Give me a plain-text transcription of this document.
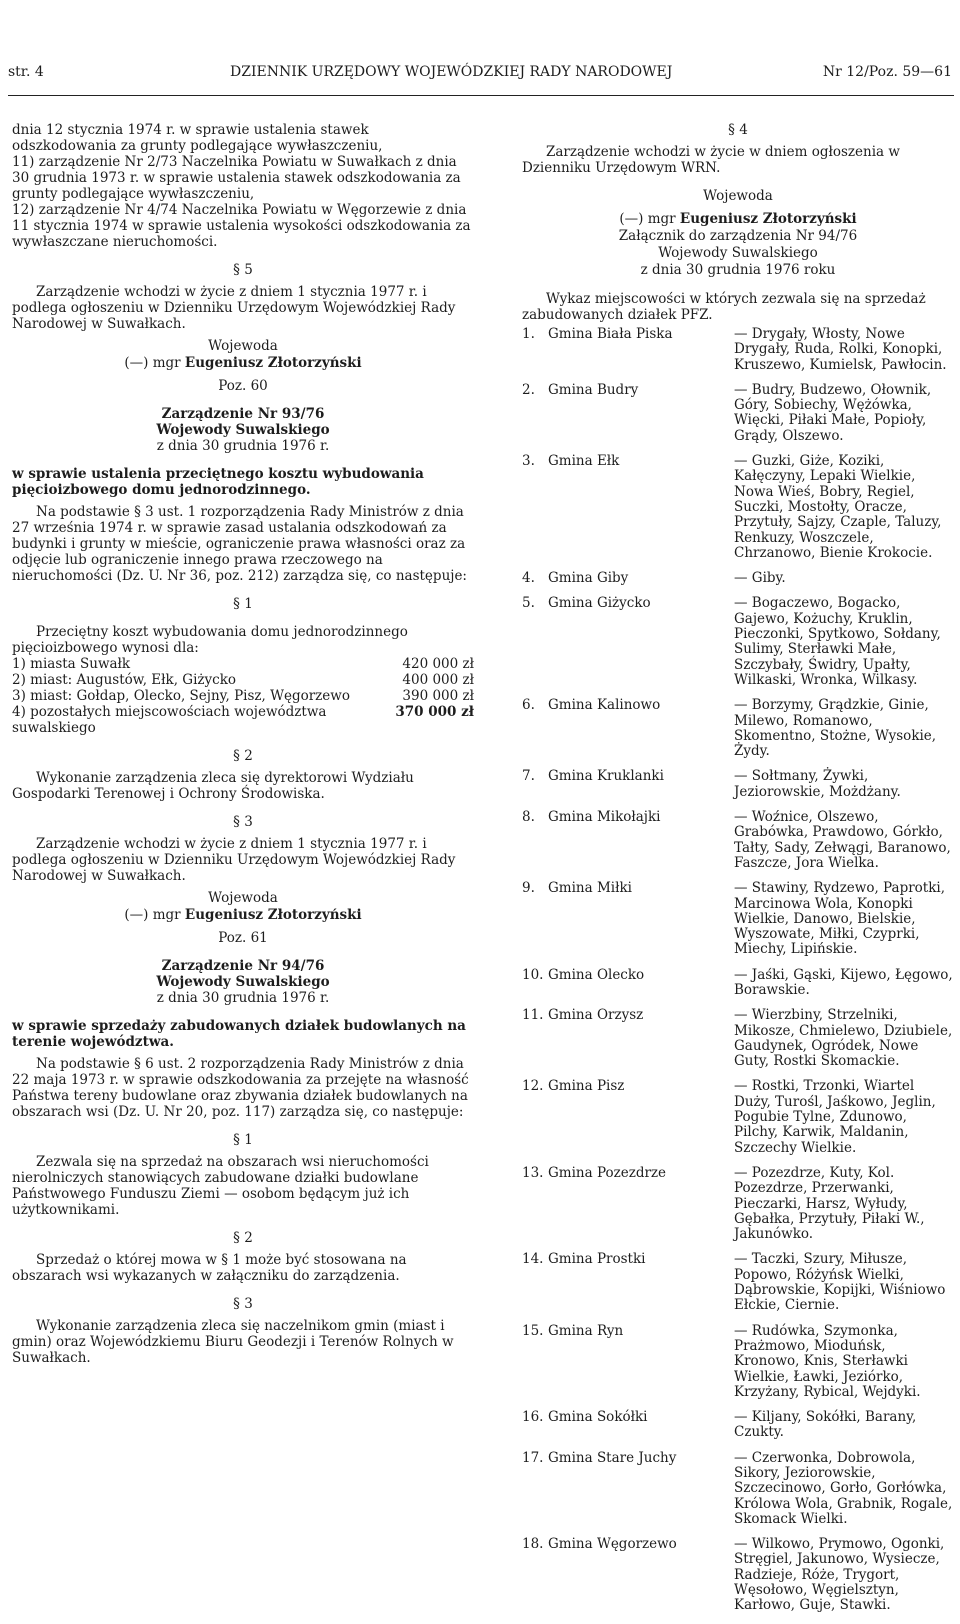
str. 4	DZIENNIK URZĘDOWY WOJEWÓDZKIEJ RADY NARODOWEJ	Nr 12/Poz. 59—61

dnia 12 stycznia 1974 r. w sprawie ustalenia stawek odszkodowania za grunty podlegające wywłaszczeniu,
11) zarządzenie Nr 2/73 Naczelnika Powiatu w Suwałkach z dnia 30 grudnia 1973 r. w sprawie ustalenia stawek odszkodowania za grunty podlegające wywłaszczeniu,
12) zarządzenie Nr 4/74 Naczelnika Powiatu w Węgorzewie z dnia 11 stycznia 1974 w sprawie ustalenia wysokości odszkodowania za wywłaszczane nieruchomości.

§ 5

Zarządzenie wchodzi w życie z dniem 1 stycznia 1977 r. i podlega ogłoszeniu w Dzienniku Urzędowym Wojewódzkiej Rady Narodowej w Suwałkach.

Wojewoda

(—) mgr Eugeniusz Złotorzyński

Poz. 60

Zarządzenie Nr 93/76

Wojewody Suwalskiego

z dnia 30 grudnia 1976 r.

w sprawie ustalenia przeciętnego kosztu wybudowania pięcioizbowego domu jednorodzinnego.

Na podstawie § 3 ust. 1 rozporządzenia Rady Ministrów z dnia 27 września 1974 r. w sprawie zasad ustalania odszkodowań za budynki i grunty w mieście, ograniczenie prawa własności oraz za odjęcie lub ograniczenie innego prawa rzeczowego na nieruchomości (Dz. U. Nr 36, poz. 212) zarządza się, co następuje:

§ 1

Przeciętny koszt wybudowania domu jednorodzinnego pięcioizbowego wynosi dla:

1) miasta Suwałk	420 000 zł
2) miast: Augustów, Ełk, Giżycko	400 000 zł
3) miast: Gołdap, Olecko, Sejny, Pisz, Węgorzewo	390 000 zł
4) pozostałych miejscowościach województwa suwalskiego	370 000 zł

§ 2

Wykonanie zarządzenia zleca się dyrektorowi Wydziału Gospodarki Terenowej i Ochrony Środowiska.

§ 3

Zarządzenie wchodzi w życie z dniem 1 stycznia 1977 r. i podlega ogłoszeniu w Dzienniku Urzędowym Wojewódzkiej Rady Narodowej w Suwałkach.

Wojewoda

(—) mgr Eugeniusz Złotorzyński

Poz. 61

Zarządzenie Nr 94/76

Wojewody Suwalskiego

z dnia 30 grudnia 1976 r.

w sprawie sprzedaży zabudowanych działek budowlanych na terenie województwa.

Na podstawie § 6 ust. 2 rozporządzenia Rady Ministrów z dnia 22 maja 1973 r. w sprawie odszkodowania za przejęte na własność Państwa tereny budowlane oraz zbywania działek budowlanych na obszarach wsi (Dz. U. Nr 20, poz. 117) zarządza się, co następuje:

§ 1

Zezwala się na sprzedaż na obszarach wsi nieruchomości nierolniczych stanowiących zabudowane działki budowlane Państwowego Funduszu Ziemi — osobom będącym już ich użytkownikami.

§ 2

Sprzedaż o której mowa w § 1 może być stosowana na obszarach wsi wykazanych w załączniku do zarządzenia.

§ 3

Wykonanie zarządzenia zleca się naczelnikom gmin (miast i gmin) oraz Wojewódzkiemu Biuru Geodezji i Terenów Rolnych w Suwałkach.

§ 4

Zarządzenie wchodzi w życie w dniem ogłoszenia w Dzienniku Urzędowym WRN.

Wojewoda

(—) mgr Eugeniusz Złotorzyński

Załącznik do zarządzenia Nr 94/76

Wojewody Suwalskiego

z dnia 30 grudnia 1976 roku

Wykaz miejscowości w których zezwala się na sprzedaż zabudowanych działek PFZ.

1. Gmina Biała Piska	— Drygały, Włosty, Nowe Drygały, Ruda, Rolki, Konopki, Kruszewo, Kumielsk, Pawłocin.
2. Gmina Budry	— Budry, Budzewo, Ołownik, Góry, Sobiechy, Wężówka, Więcki, Piłaki Małe, Popioły, Grądy, Olszewo.
3. Gmina Ełk	— Guzki, Giże, Koziki, Kałęczyny, Lepaki Wielkie, Nowa Wieś, Bobry, Regiel, Suczki, Mostołty, Oracze, Przytuły, Sajzy, Czaple, Taluzy, Renkuzy, Woszczele, Chrzanowo, Bienie Krokocie.
4. Gmina Giby	— Giby.
5. Gmina Giżycko	— Bogaczewo, Bogacko, Gajewo, Kożuchy, Kruklin, Pieczonki, Spytkowo, Sołdany, Sulimy, Sterławki Małe, Szczybały, Świdry, Upałty, Wilkaski, Wronka, Wilkasy.
6. Gmina Kalinowo	— Borzymy, Grądzkie, Ginie, Milewo, Romanowo, Skomentno, Stożne, Wysokie, Żydy.
7. Gmina Kruklanki	— Sołtmany, Żywki, Jeziorowskie, Możdżany.
8. Gmina Mikołajki	— Woźnice, Olszewo, Grabówka, Prawdowo, Górkło, Tałty, Sady, Zełwągi, Baranowo, Faszcze, Jora Wielka.
9. Gmina Miłki	— Stawiny, Rydzewo, Paprotki, Marcinowa Wola, Konopki Wielkie, Danowo, Bielskie, Wyszowate, Miłki, Czyprki, Miechy, Lipińskie.
10. Gmina Olecko	— Jaśki, Gąski, Kijewo, Łęgowo, Borawskie.
11. Gmina Orzysz	— Wierzbiny, Strzelniki, Mikosze, Chmielewo, Dziubiele, Gaudynek, Ogródek, Nowe Guty, Rostki Skomackie.
12. Gmina Pisz	— Rostki, Trzonki, Wiartel Duży, Turośl, Jaśkowo, Jeglin, Pogubie Tylne, Zdunowo, Pilchy, Karwik, Maldanin, Szczechy Wielkie.
13. Gmina Pozezdrze	— Pozezdrze, Kuty, Kol. Pozezdrze, Przerwanki, Pieczarki, Harsz, Wyłudy, Gębałka, Przytuły, Piłaki W., Jakunówko.
14. Gmina Prostki	— Taczki, Szury, Miłusze, Popowo, Różyńsk Wielki, Dąbrowskie, Kopijki, Wiśniowo Ełckie, Ciernie.
15. Gmina Ryn	— Rudówka, Szymonka, Prażmowo, Mioduńsk, Kronowo, Knis, Sterławki Wielkie, Ławki, Jeziórko, Krzyżany, Rybical, Wejdyki.
16. Gmina Sokółki	— Kiljany, Sokółki, Barany, Czukty.
17. Gmina Stare Juchy	— Czerwonka, Dobrowola, Sikory, Jeziorowskie, Szczecinowo, Gorło, Gorłówka, Królowa Wola, Grabnik, Rogale, Skomack Wielki.
18. Gmina Węgorzewo	— Wilkowo, Prymowo, Ogonki, Stręgiel, Jakunowo, Wysiecze, Radzieje, Róże, Trygort, Węsołowo, Węgielsztyn, Karłowo, Guje, Stawki.
